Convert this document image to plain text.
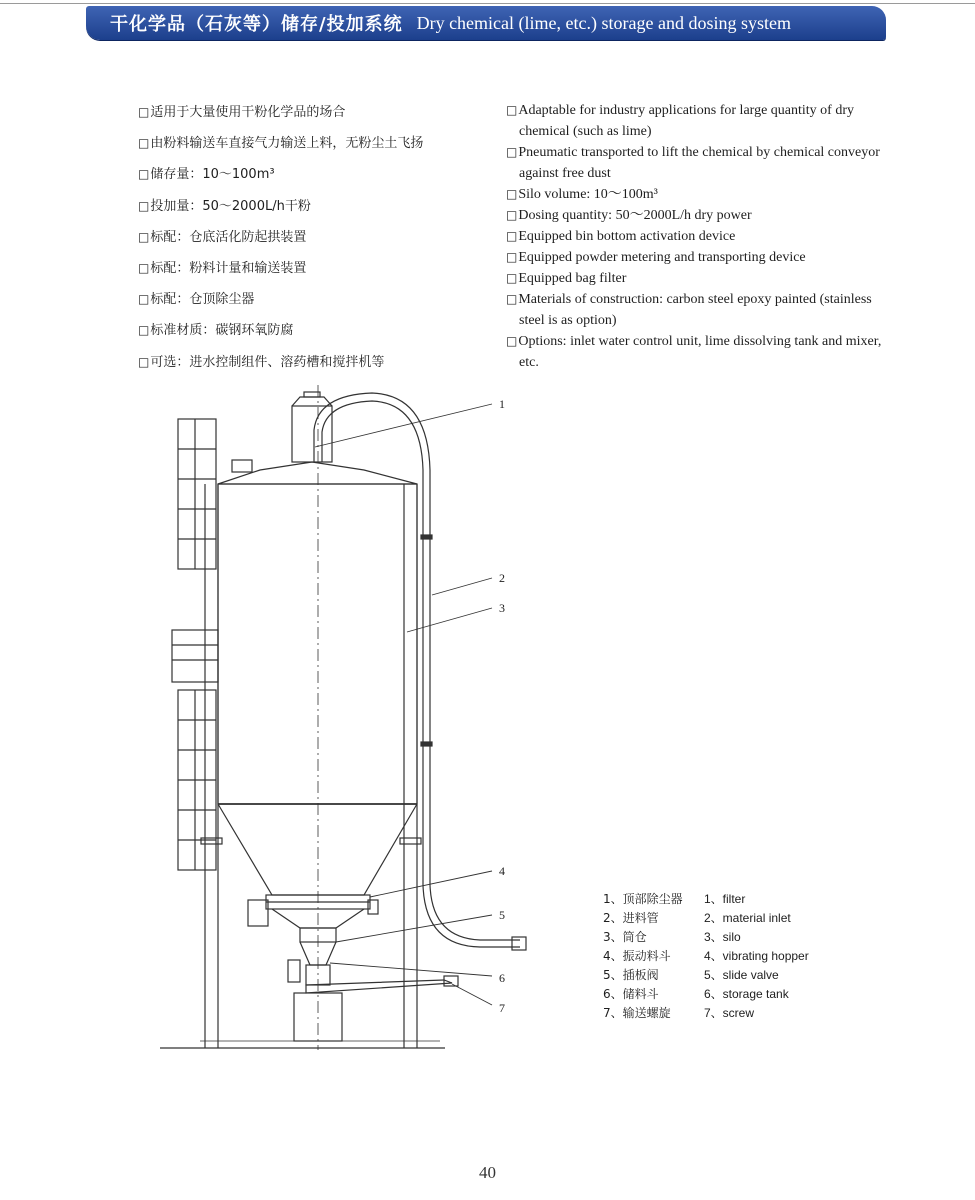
干化学品（石灰等）储存/投加系统 Dry chemical (lime, etc.) storage and dosing system
□适用于大量使用干粉化学品的场合
□由粉料输送车直接气力输送上料，无粉尘土飞扬
□储存量：10～100m³
□投加量：50～2000L/h干粉
□标配：仓底活化防起拱装置
□标配：粉料计量和输送装置
□标配：仓顶除尘器
□标准材质：碳钢环氧防腐
□可选：进水控制组件、溶药槽和搅拌机等
□Adaptable for industry applications for large quantity of dry chemical (such as lime)
□Pneumatic transported to lift the chemical by chemical conveyor against free dust
□Silo volume: 10～100m³
□Dosing quantity: 50～2000L/h dry power
□Equipped bin bottom activation device
□Equipped powder metering and transporting device
□Equipped bag filter
□Materials of construction: carbon steel epoxy painted (stainless steel is as option)
□Options: inlet water control unit, lime dissolving tank and mixer, etc.
1
2
3
4
5
6
7
1、顶部除尘器	1、filter
2、进料管	2、material inlet
3、筒仓	3、silo
4、振动料斗	4、vibrating hopper
5、插板阀	5、slide valve
6、储料斗	6、storage tank
7、输送螺旋	7、screw
40
